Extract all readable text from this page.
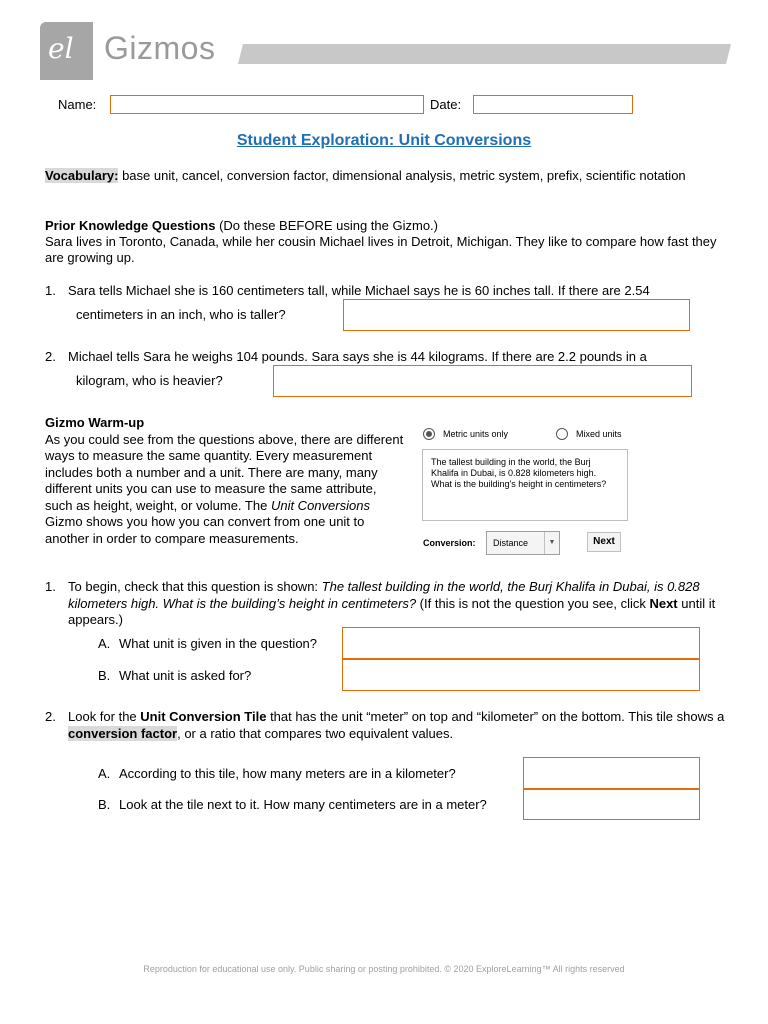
el Gizmos
Name:	Date:
Student Exploration: Unit Conversions
Vocabulary: base unit, cancel, conversion factor, dimensional analysis, metric system, prefix, scientific notation
Prior Knowledge Questions (Do these BEFORE using the Gizmo.)
Sara lives in Toronto, Canada, while her cousin Michael lives in Detroit, Michigan. They like to compare how fast they are growing up.
1. Sara tells Michael she is 160 centimeters tall, while Michael says he is 60 inches tall. If there are 2.54
centimeters in an inch, who is taller?
2. Michael tells Sara he weighs 104 pounds. Sara says she is 44 kilograms. If there are 2.2 pounds in a
kilogram, who is heavier?
Gizmo Warm-up
As you could see from the questions above, there are different ways to measure the same quantity. Every measurement includes both a number and a unit. There are many, many different units you can use to measure the same attribute, such as height, weight, or volume. The Unit Conversions Gizmo shows you how you can convert from one unit to another in order to compare measurements.
Metric units only	Mixed units
The tallest building in the world, the Burj Khalifa in Dubai, is 0.828 kilometers high. What is the building's height in centimeters?
Conversion: Distance	▼	Next
1. To begin, check that this question is shown: The tallest building in the world, the Burj Khalifa in Dubai, is 0.828 kilometers high. What is the building’s height in centimeters? (If this is not the question you see, click Next until it appears.)
A. What unit is given in the question?
B. What unit is asked for?
2. Look for the Unit Conversion Tile that has the unit “meter” on top and “kilometer” on the bottom. This tile shows a conversion factor, or a ratio that compares two equivalent values.
A. According to this tile, how many meters are in a kilometer?
B. Look at the tile next to it. How many centimeters are in a meter?
Reproduction for educational use only. Public sharing or posting prohibited. © 2020 ExploreLearning™ All rights reserved
